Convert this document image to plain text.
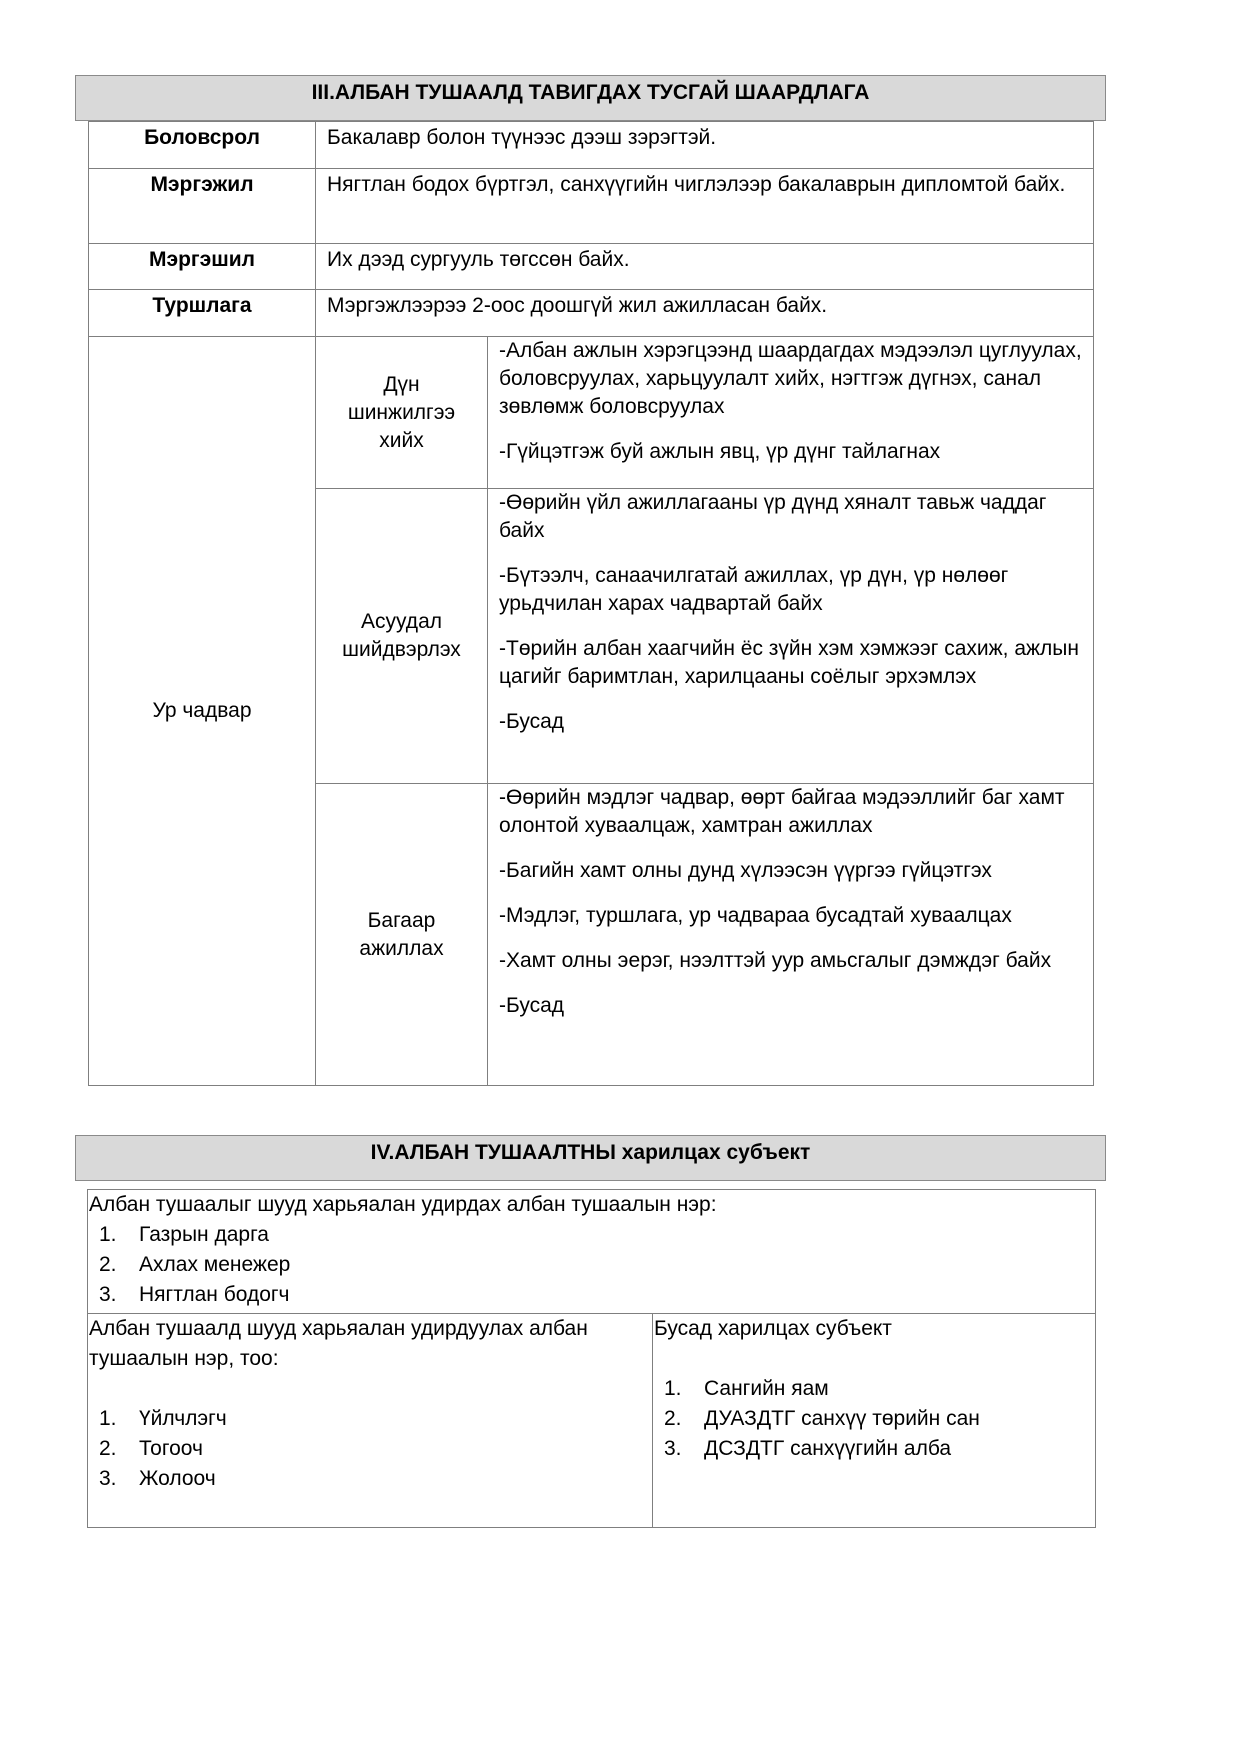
III.АЛБАН ТУШААЛД ТАВИГДАХ ТУСГАЙ ШААРДЛАГА
Боловсрол	Бакалавр болон түүнээс дээш зэрэгтэй.	
Мэргэжил	Нягтлан бодох бүртгэл, санхүүгийн чиглэлээр бакалаврын дипломтой байх.	
Мэргэшил	Их дээд сургууль төгссөн байх.	
Туршлага	Мэргэжлээрээ 2-оос доошгүй жил ажилласан байх.	
Ур чадвар	Дүн шинжилгээ хийх	-Албан ажлын хэрэгцээнд шаардагдах мэдээлэл цуглуулах, боловсруулах, харьцуулалт хийх, нэгтгэж дүгнэх, санал зөвлөмж боловсруулах
-Гүйцэтгэж буй ажлын явц, үр дүнг тайлагнах

	Асуудал шийдвэрлэх	-Өөрийн үйл ажиллагааны үр дүнд хяналт тавьж чаддаг байх
-Бүтээлч, санаачилгатай ажиллах, үр дүн, үр нөлөөг урьдчилан харах чадвартай байх
-Төрийн албан хаагчийн ёс зүйн хэм хэмжээг сахиж, ажлын цагийг баримтлан, харилцааны соёлыг эрхэмлэх
-Бусад

	Багаар ажиллах	-Өөрийн мэдлэг чадвар, өөрт байгаа мэдээллийг баг хамт олонтой хуваалцаж, хамтран ажиллах
-Багийн хамт олны дунд хүлээсэн үүргээ гүйцэтгэх
-Мэдлэг, туршлага, ур чадвараа бусадтай хуваалцах
-Хамт олны эерэг, нээлттэй уур амьсгалыг дэмждэг байх
-Бусад
IV.АЛБАН ТУШААЛТНЫ харилцах субъект
Албан тушаалыг шууд харьяалан удирдах албан тушаалын нэр:
1. Газрын дарга
2. Ахлах менежер
3. Нягтлан бодогч

Албан тушаалд шууд харьяалан удирдуулах албан тушаалын нэр, тоо:
1. Үйлчлэгч
2. Тогооч
3. Жолооч

Бусад харилцах субъект
1. Сангийн яам
2. ДУАЗДТГ санхүү төрийн сан
3. ДСЗДТГ санхүүгийн алба
